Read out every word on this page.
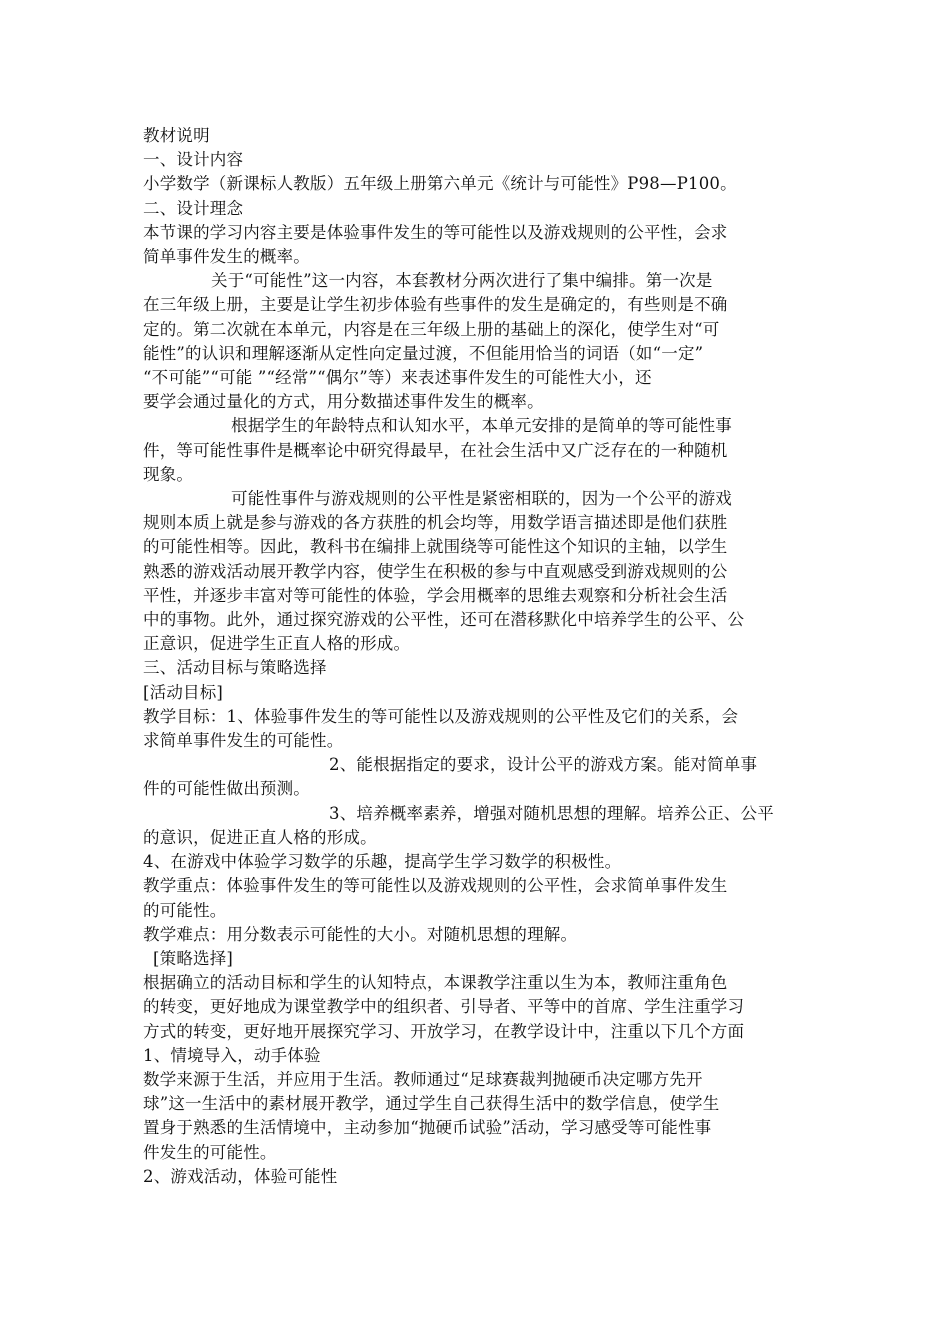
教材说明
一、设计内容
小学数学（新课标人教版）五年级上册第六单元《统计与可能性》P98—P100。
二、设计理念
本节课的学习内容主要是体验事件发生的等可能性以及游戏规则的公平性，会求
简单事件发生的概率。
关于“可能性”这一内容，本套教材分两次进行了集中编排。第一次是
在三年级上册，主要是让学生初步体验有些事件的发生是确定的，有些则是不确
定的。第二次就在本单元，内容是在三年级上册的基础上的深化，使学生对“可
能性”的认识和理解逐渐从定性向定量过渡，不但能用恰当的词语（如“一定”
“不可能”“可能 ”“经常”“偶尔”等）来表述事件发生的可能性大小，还
要学会通过量化的方式，用分数描述事件发生的概率。
根据学生的年龄特点和认知水平，本单元安排的是简单的等可能性事
件，等可能性事件是概率论中研究得最早，在社会生活中又广泛存在的一种随机
现象。
可能性事件与游戏规则的公平性是紧密相联的，因为一个公平的游戏
规则本质上就是参与游戏的各方获胜的机会均等，用数学语言描述即是他们获胜
的可能性相等。因此，教科书在编排上就围绕等可能性这个知识的主轴，以学生
熟悉的游戏活动展开教学内容，使学生在积极的参与中直观感受到游戏规则的公
平性，并逐步丰富对等可能性的体验，学会用概率的思维去观察和分析社会生活
中的事物。此外，通过探究游戏的公平性，还可在潜移默化中培养学生的公平、公
正意识，促进学生正直人格的形成。
三、活动目标与策略选择
[活动目标]
教学目标：1、体验事件发生的等可能性以及游戏规则的公平性及它们的关系，会
求简单事件发生的可能性。
2、能根据指定的要求，设计公平的游戏方案。能对简单事
件的可能性做出预测。
3、培养概率素养，增强对随机思想的理解。培养公正、公平
的意识，促进正直人格的形成。
4、在游戏中体验学习数学的乐趣，提高学生学习数学的积极性。
教学重点：体验事件发生的等可能性以及游戏规则的公平性，会求简单事件发生
的可能性。
教学难点：用分数表示可能性的大小。对随机思想的理解。
[策略选择]
根据确立的活动目标和学生的认知特点，本课教学注重以生为本，教师注重角色
的转变，更好地成为课堂教学中的组织者、引导者、平等中的首席、学生注重学习
方式的转变，更好地开展探究学习、开放学习，在教学设计中，注重以下几个方面
1、情境导入，动手体验
数学来源于生活，并应用于生活。教师通过“足球赛裁判抛硬币决定哪方先开
球”这一生活中的素材展开教学，通过学生自己获得生活中的数学信息，使学生
置身于熟悉的生活情境中，主动参加“抛硬币试验”活动，学习感受等可能性事
件发生的可能性。
2、游戏活动，体验可能性
